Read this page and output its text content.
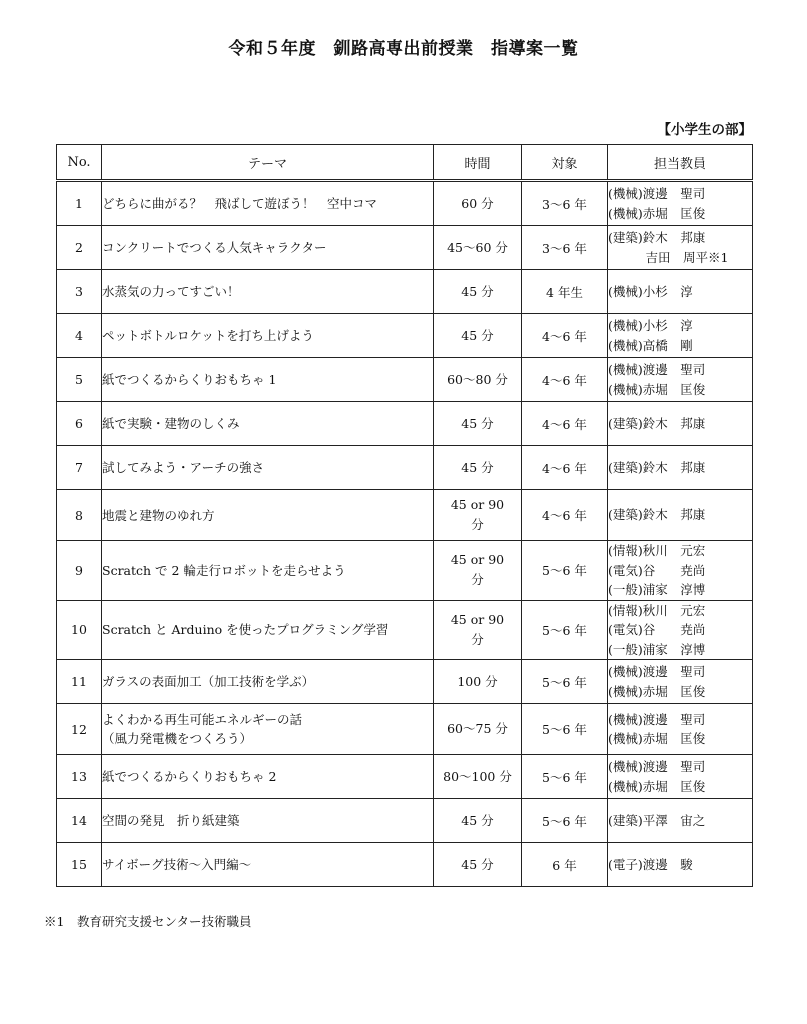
令和５年度　釧路高専出前授業　指導案一覧
【小学生の部】
No.	テーマ	時間	対象	担当教員
1	どちらに曲がる？　飛ばして遊ぼう！　空中コマ	60 分	3～6 年	(機械)渡邊　聖司
(機械)赤堀　匡俊
2	コンクリートでつくる人気キャラクター	45～60 分	3～6 年	(建築)鈴木　邦康
　　　吉田　周平※1
3	水蒸気の力ってすごい！	45 分	4 年生	(機械)小杉　淳
4	ペットボトルロケットを打ち上げよう	45 分	4～6 年	(機械)小杉　淳
(機械)高橋　剛
5	紙でつくるからくりおもちゃ 1	60～80 分	4～6 年	(機械)渡邊　聖司
(機械)赤堀　匡俊
6	紙で実験・建物のしくみ	45 分	4～6 年	(建築)鈴木　邦康
7	試してみよう・アーチの強さ	45 分	4～6 年	(建築)鈴木　邦康
8	地震と建物のゆれ方	45 or 90
分	4～6 年	(建築)鈴木　邦康
9	Scratch で 2 輪走行ロボットを走らせよう	45 or 90
分	5～6 年	(情報)秋川　元宏
(電気)谷　　尭尚
(一般)浦家　淳博
10	Scratch と Arduino を使ったプログラミング学習	45 or 90
分	5～6 年	(情報)秋川　元宏
(電気)谷　　尭尚
(一般)浦家　淳博
11	ガラスの表面加工（加工技術を学ぶ）	100 分	5～6 年	(機械)渡邊　聖司
(機械)赤堀　匡俊
12	よくわかる再生可能エネルギーの話
（風力発電機をつくろう）	60～75 分	5～6 年	(機械)渡邊　聖司
(機械)赤堀　匡俊
13	紙でつくるからくりおもちゃ 2	80～100 分	5～6 年	(機械)渡邊　聖司
(機械)赤堀　匡俊
14	空間の発見　折り紙建築	45 分	5～6 年	(建築)平澤　宙之
15	サイボーグ技術～入門編～	45 分	6 年	(電子)渡邊　駿
※1　教育研究支援センター技術職員
